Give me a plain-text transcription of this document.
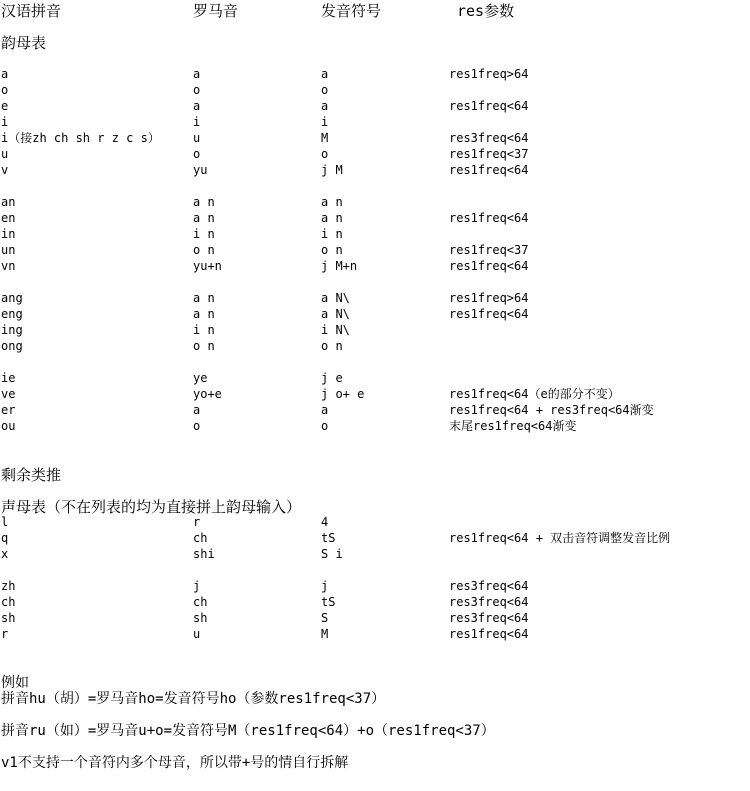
汉语拼音	罗马音	发音符号	res参数
韵母表
a	a	a	res1freq>64
o	o	o
e	a	a	res1freq<64
i	i	i
i（接zh ch sh r z c s）	u	M	res3freq<64
u	o	o	res1freq<37
v	yu	j M	res1freq<64
an	a n	a n
en	a n	a n	res1freq<64
in	i n	i n
un	o n	o n	res1freq<37
vn	yu+n	j M+n	res1freq<64
ang	a n	a N\	res1freq>64
eng	a n	a N\	res1freq<64
ing	i n	i N\
ong	o n	o n
ie	ye	j e
ve	yo+e	j o+ e	res1freq<64（e的部分不变）
er	a	a	res1freq<64 + res3freq<64渐变
ou	o	o	末尾res1freq<64渐变
剩余类推
声母表（不在列表的均为直接拼上韵母输入）
l	r	4
q	ch	tS	res1freq<64 + 双击音符调整发音比例
x	shi	S i
zh	j	j	res3freq<64
ch	ch	tS	res3freq<64
sh	sh	S	res3freq<64
r	u	M	res1freq<64
例如
拼音hu（胡）=罗马音ho=发音符号ho（参数res1freq<37）
拼音ru（如）=罗马音u+o=发音符号M（res1freq<64）+o（res1freq<37）
v1不支持一个音符内多个母音，所以带+号的情自行拆解
